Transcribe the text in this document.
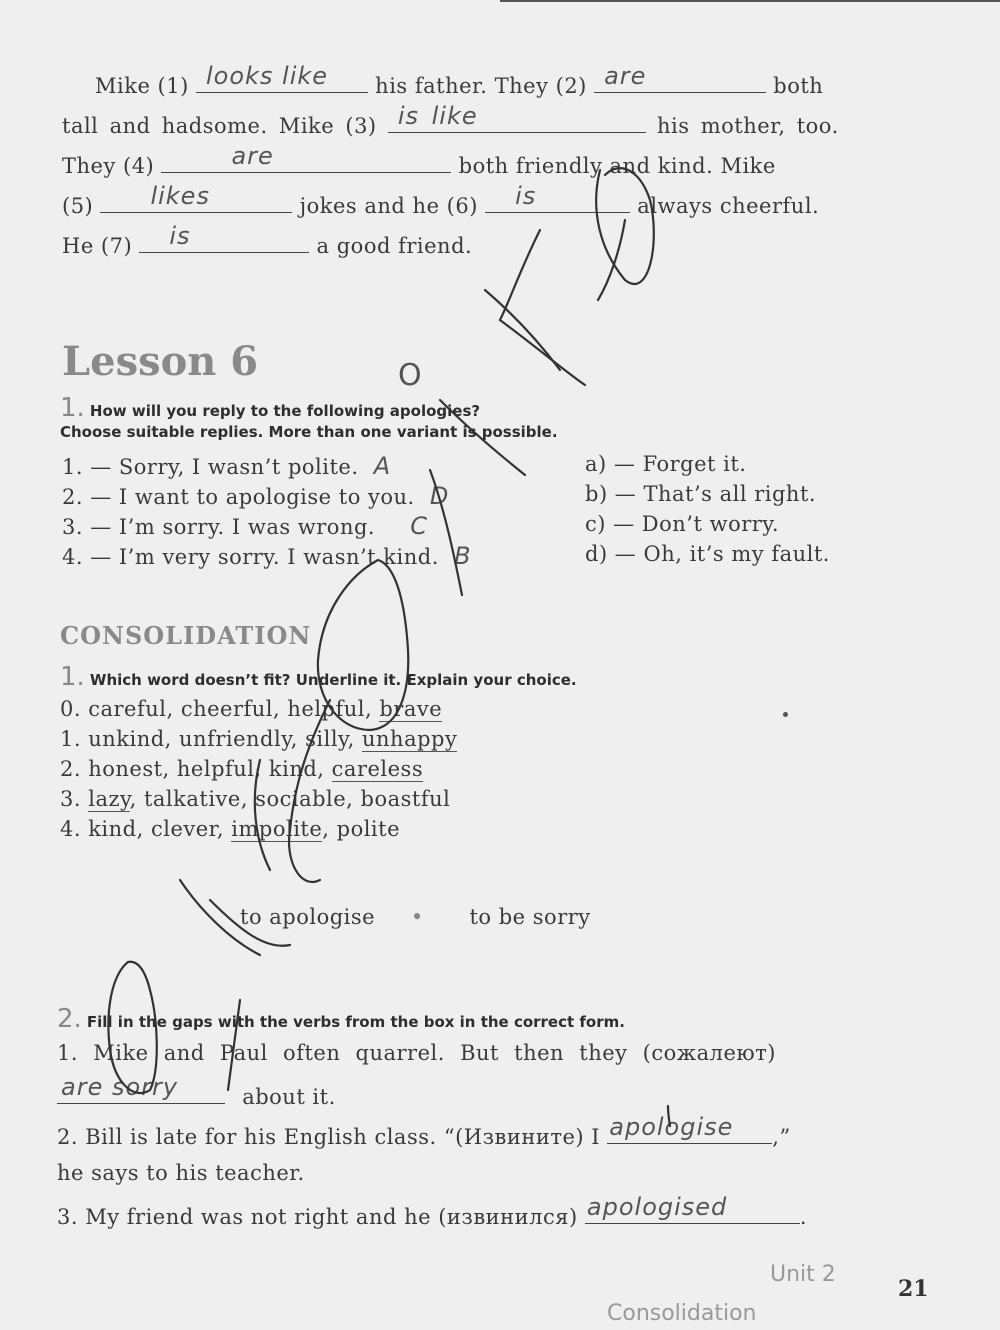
Mike (1) looks like his father. They (2) are	both
tall and hadsome. Mike (3) is like	his mother, too.
They (4)	are	both friendly and kind. Mike
(5) likes	jokes and he (6) is	always cheerful.
He (7) is	a good friend.
Lesson 6	O
1. How will you reply to the following apologies?
Choose suitable replies. More than one variant is possible.
1. — Sorry, I wasn’t polite. A
2. — I want to apologise to you. D
3. — I’m sorry. I was wrong. C
4. — I’m very sorry. I wasn’t kind. B
a) — Forget it.
b) — That’s all right.
c) — Don’t worry.
d) — Oh, it’s my fault.
CONSOLIDATION
1. Which word doesn’t fit? Underline it. Explain your choice.
0. careful, cheerful, helpful, brave
1. unkind, unfriendly, silly, unhappy
2. honest, helpful, kind, careless
3. lazy, talkative, sociable, boastful
4. kind, clever, impolite, polite
to apologise • to be sorry
2. Fill in the gaps with the verbs from the box in the correct form.
1. Mike and Paul often quarrel. But then they (сожалеют)
are sorry	about it.
2. Bill is late for his English class. “(Извините) I apologise ,”
he says to his teacher.
3. My friend was not right and he (извинился) apologised	.
Unit 2
21
Consolidation
